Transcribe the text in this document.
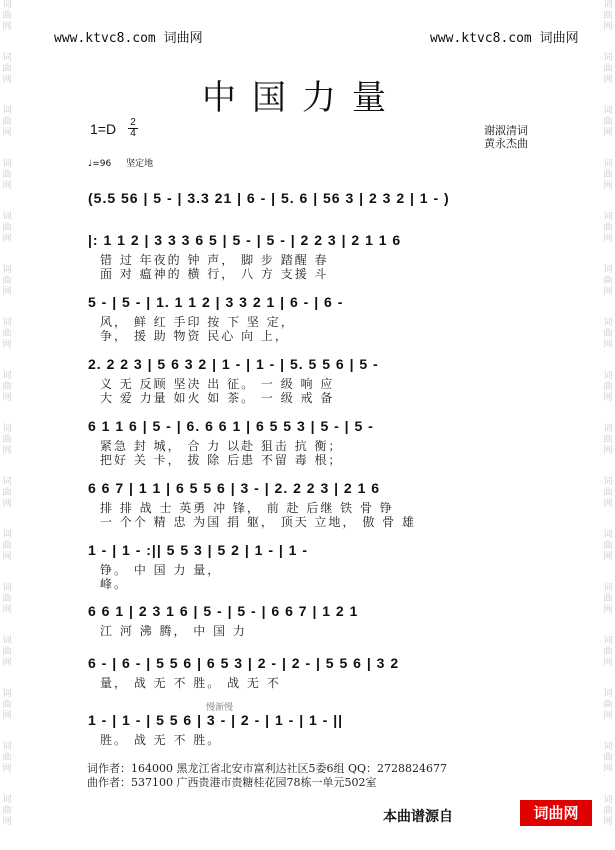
词
曲
网
词
曲
网
词
曲
网
词
曲
网
词
曲
网
词
曲
网
词
曲
网
词
曲
网
词
曲
网
词
曲
网
词
曲
网
词
曲
网
词
曲
网
词
曲
网
词
曲
网
词
曲
网
词
曲
网
词
曲
网
词
曲
网
词
曲
网
词
曲
网
词
曲
网
词
曲
网
词
曲
网
词
曲
网
词
曲
网
词
曲
网
词
曲
网
词
曲
网
词
曲
网
词
曲
网
词
曲
网
www.ktvc8.com 词曲网	www.ktvc8.com 词曲网
中国力量
$1=D \frac{2}{4}$
♩=96 坚定地
谢淑清词
黄永杰曲
(5.5 56 | 5 - | 3.3 21 | 6 - | 5. 6 | 56 3 | 2 3 2 | 1 - )
|: 1 1 2 | 3 3 3 6 5 | 5 - | 5 - | 2 2 3 | 2 1 1 6
错 过 年夜的 钟 声， 脚 步 踏醒 春
面 对 瘟神的 横 行， 八 方 支援 斗
5 - | 5 - | 1. 1 1 2 | 3 3 2 1 | 6 - | 6 -
风， 鲜 红 手印 按 下 坚 定，
争， 援 助 物资 民心 向 上，
2. 2 2 3 | 5 6 3 2 | 1 - | 1 - | 5. 5 5 6 | 5 -
义 无 反顾 坚决 出 征。 一 级 响 应
大 爱 力量 如火 如 茶。 一 级 戒 备
6 1 1 6 | 5 - | 6. 6 6 1 | 6 5 5 3 | 5 - | 5 -
紧急 封 城， 合 力 以赴 狙击 抗 衡；
把好 关 卡， 拔 除 后患 不留 毒 根；
6 6 7 | 1 1 | 6 5 5 6 | 3 - | 2. 2 2 3 | 2 1 6
排 排 战 士 英勇 冲 锋， 前 赴 后继 铁 骨 铮
一 个个 精 忠 为国 捐 躯， 顶天 立地， 傲 骨 雄
1 - | 1 - :|| 5 5 3 | 5 2 | 1 - | 1 -
铮。 中 国 力 量，
峰。
6 6 1 | 2 3 1 6 | 5 - | 5 - | 6 6 7 | 1 2 1
江 河 沸 腾， 中 国 力
6 - | 6 - | 5 5 6 | 6 5 3 | 2 - | 2 - | 5 5 6 | 3 2
量， 战 无 不 胜。 战 无 不
1 - | 1 - | 5 5 6 | 3 - | 2 - | 1 - | 1 - ||
慢渐慢
胜。 战 无 不 胜。
词作者：164000 黑龙江省北安市富利达社区5委6组 QQ：2728824677
曲作者：537100 广西贵港市贵糖桂花园78栋一单元502室
本曲谱源自	词曲网
